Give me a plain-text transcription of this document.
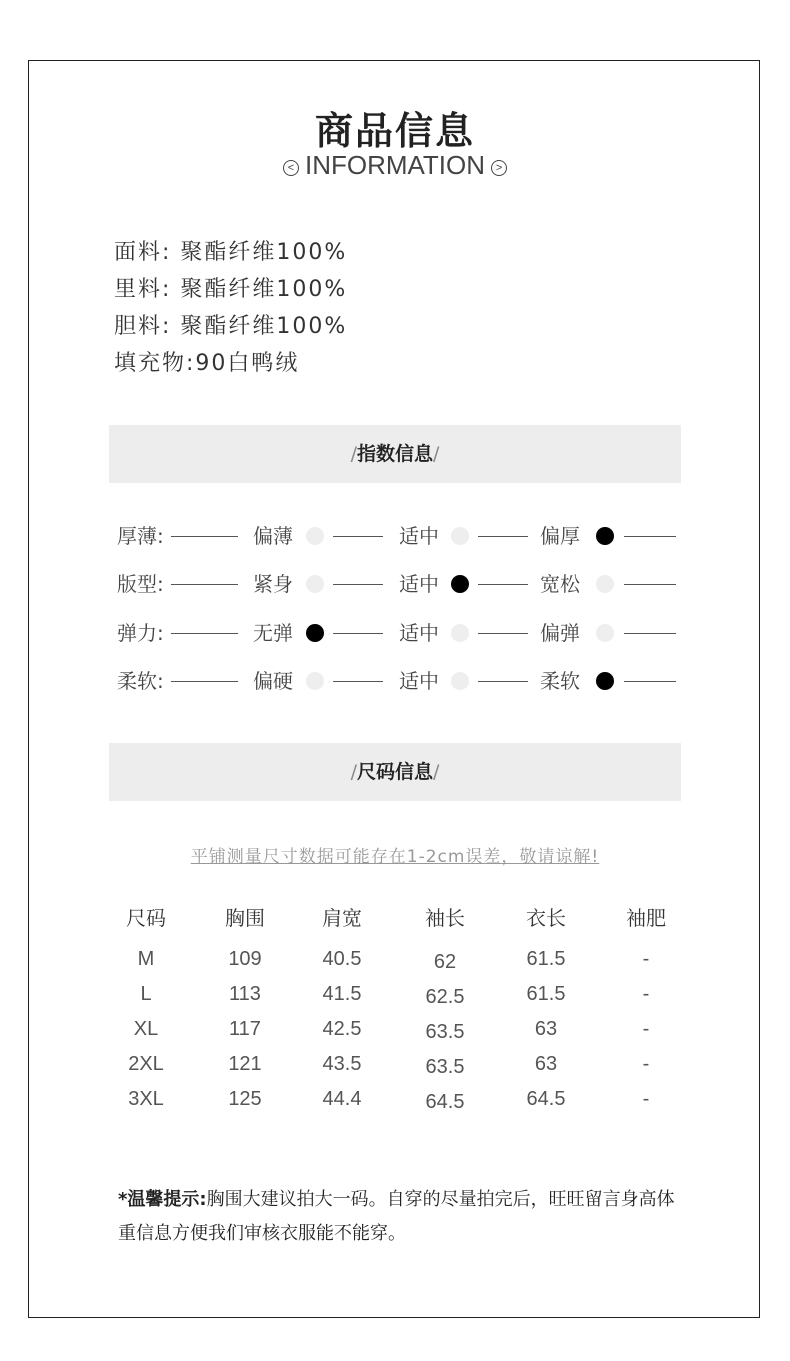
商品信息
< INFORMATION >
面料: 聚酯纤维100%
里料: 聚酯纤维100%
胆料: 聚酯纤维100%
填充物:90白鸭绒
/指数信息/
厚薄:	偏薄	适中	偏厚
版型:	紧身	适中	宽松
弹力:	无弹	适中	偏弹
柔软:	偏硬	适中	柔软
/尺码信息/
平铺测量尺寸数据可能存在1-2cm误差，敬请谅解!
尺码	胸围	肩宽	袖长	衣长	袖肥
M	109	40.5	62	61.5	-
L	113	41.5	62.5	61.5	-
XL	117	42.5	63.5	63	-
2XL	121	43.5	63.5	63	-
3XL	125	44.4	64.5	64.5	-
*温馨提示:胸围大建议拍大一码。自穿的尽量拍完后，旺旺留言身高体重信息方便我们审核衣服能不能穿。
